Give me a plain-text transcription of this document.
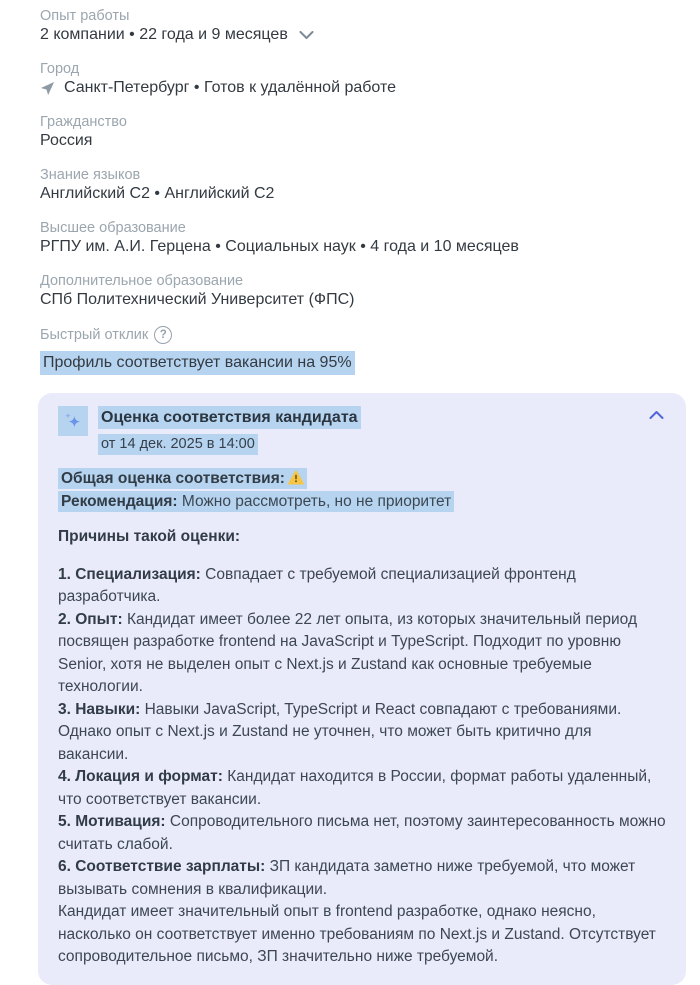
Опыт работы
2 компании • 22 года и 9 месяцев
Город
Санкт-Петербург • Готов к удалённой работе
Гражданство
Россия
Знание языков
Английский C2 • Английский C2
Высшее образование
РГПУ им. А.И. Герцена • Социальных наук • 4 года и 10 месяцев
Дополнительное образование
СПб Политехнический Университет (ФПС)
Быстрый отклик ?
Профиль соответствует вакансии на 95%
Оценка соответствия кандидата
от 14 дек. 2025 в 14:00

Общая оценка соответствия:

Рекомендация: Можно рассмотреть, но не приоритет

Причины такой оценки:

1. Специализация: Совпадает с требуемой специализацией фронтенд разработчика.

2. Опыт: Кандидат имеет более 22 лет опыта, из которых значительный период посвящен разработке frontend на JavaScript и TypeScript. Подходит по уровню Senior, хотя не выделен опыт с Next.js и Zustand как основные требуемые технологии.

3. Навыки: Навыки JavaScript, TypeScript и React совпадают с требованиями. Однако опыт с Next.js и Zustand не уточнен, что может быть критично для вакансии.

4. Локация и формат: Кандидат находится в России, формат работы удаленный, что соответствует вакансии.

5. Мотивация: Сопроводительного письма нет, поэтому заинтересованность можно считать слабой.

6. Соответствие зарплаты: ЗП кандидата заметно ниже требуемой, что может вызывать сомнения в квалификации.

Кандидат имеет значительный опыт в frontend разработке, однако неясно, насколько он соответствует именно требованиям по Next.js и Zustand. Отсутствует сопроводительное письмо, ЗП значительно ниже требуемой.
